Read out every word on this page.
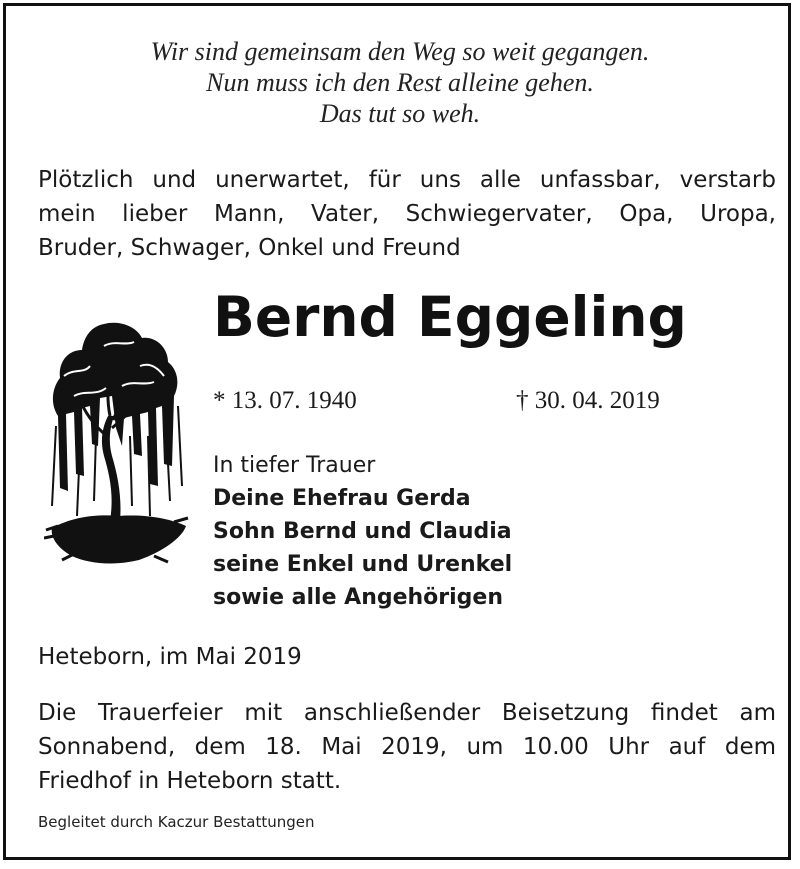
Wir sind gemeinsam den Weg so weit gegangen.
Nun muss ich den Rest alleine gehen.
Das tut so weh.
Plötzlich und unerwartet, für uns alle unfassbar, verstarb
mein lieber Mann, Vater, Schwiegervater, Opa, Uropa,
Bruder, Schwager, Onkel und Freund
Bernd Eggeling
* 13. 07. 1940	† 30. 04. 2019
In tiefer Trauer
Deine Ehefrau Gerda
Sohn Bernd und Claudia
seine Enkel und Urenkel
sowie alle Angehörigen
Heteborn, im Mai 2019
Die Trauerfeier mit anschließender Beisetzung findet am
Sonnabend, dem 18. Mai 2019, um 10.00 Uhr auf dem
Friedhof in Heteborn statt.
Begleitet durch Kaczur Bestattungen
